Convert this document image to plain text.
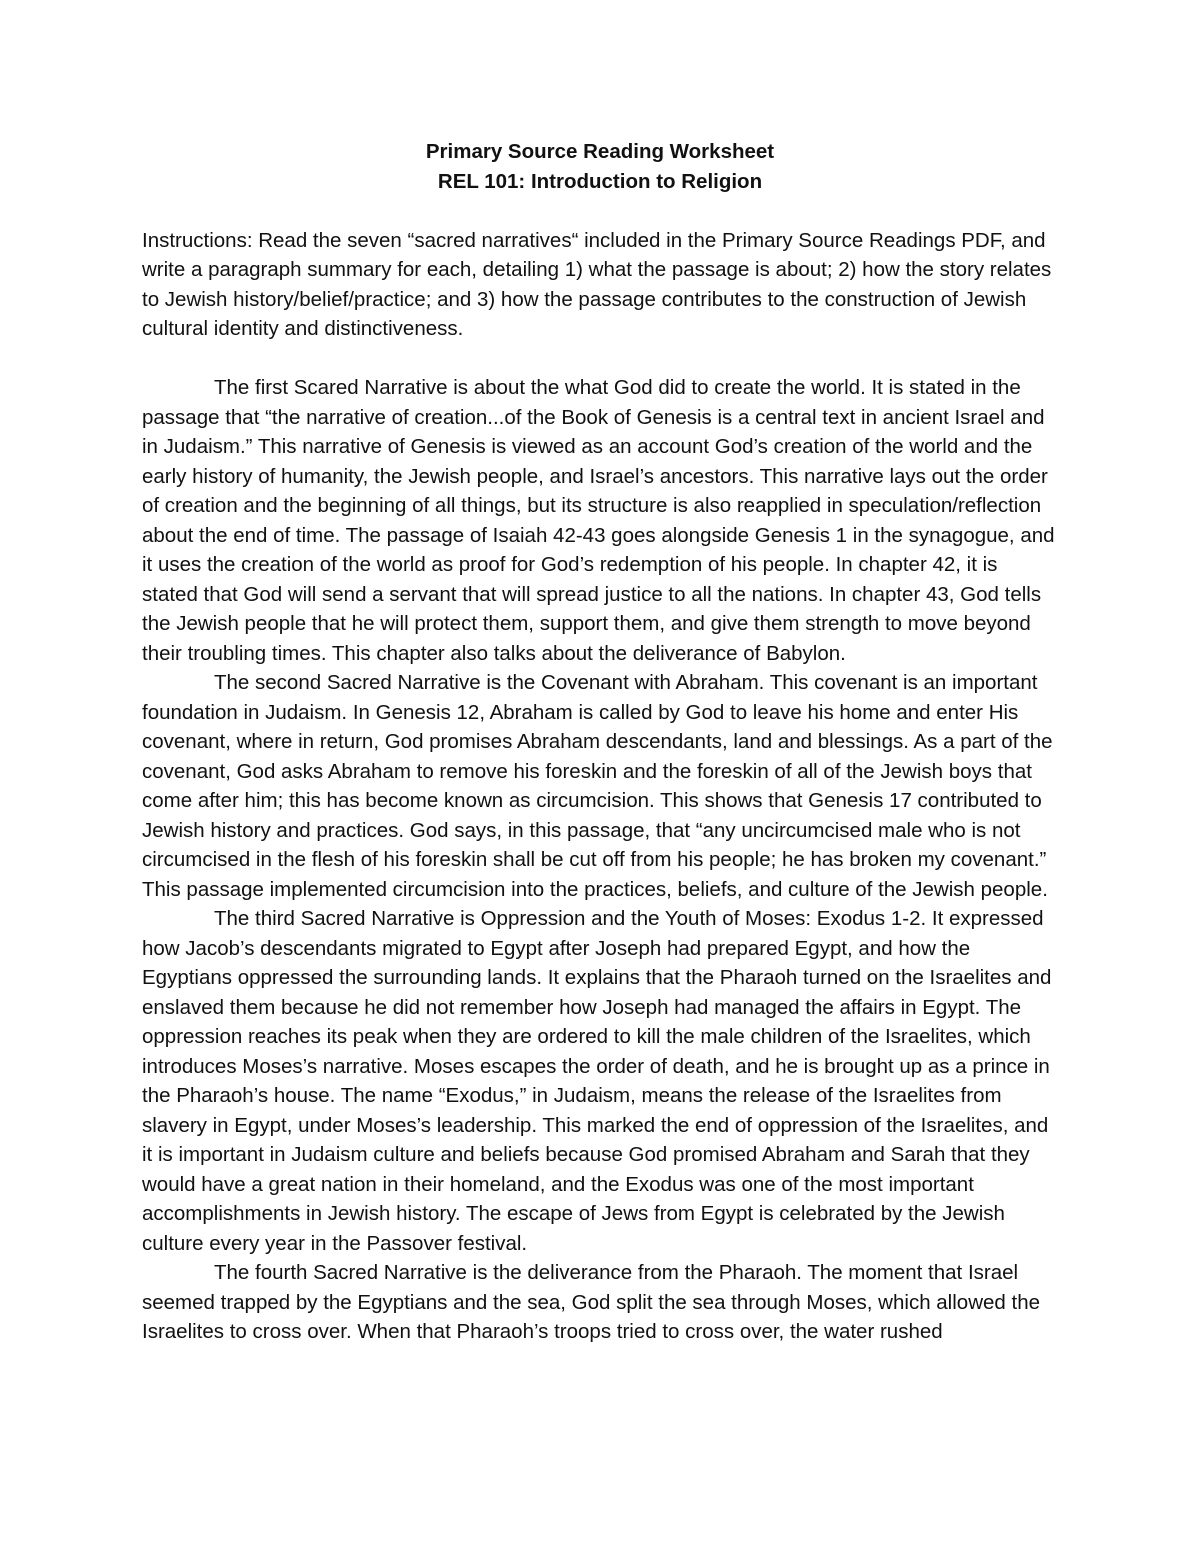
Primary Source Reading Worksheet

REL 101: Introduction to Religion

Instructions: Read the seven “sacred narratives“ included in the Primary Source Readings PDF, and write a paragraph summary for each, detailing 1) what the passage is about; 2) how the story relates to Jewish history/belief/practice; and 3) how the passage contributes to the construction of Jewish cultural identity and distinctiveness.

The first Scared Narrative is about the what God did to create the world. It is stated in the passage that “the narrative of creation...of the Book of Genesis is a central text in ancient Israel and in Judaism.” This narrative of Genesis is viewed as an account God’s creation of the world and the early history of humanity, the Jewish people, and Israel’s ancestors. This narrative lays out the order of creation and the beginning of all things, but its structure is also reapplied in speculation/reflection about the end of time. The passage of Isaiah 42-43 goes alongside Genesis 1 in the synagogue, and it uses the creation of the world as proof for God’s redemption of his people. In chapter 42, it is stated that God will send a servant that will spread justice to all the nations. In chapter 43, God tells the Jewish people that he will protect them, support them, and give them strength to move beyond their troubling times. This chapter also talks about the deliverance of Babylon.

The second Sacred Narrative is the Covenant with Abraham. This covenant is an important foundation in Judaism. In Genesis 12, Abraham is called by God to leave his home and enter His covenant, where in return, God promises Abraham descendants, land and blessings. As a part of the covenant, God asks Abraham to remove his foreskin and the foreskin of all of the Jewish boys that come after him; this has become known as circumcision. This shows that Genesis 17 contributed to Jewish history and practices. God says, in this passage, that “any uncircumcised male who is not circumcised in the flesh of his foreskin shall be cut off from his people; he has broken my covenant.” This passage implemented circumcision into the practices, beliefs, and culture of the Jewish people.

The third Sacred Narrative is Oppression and the Youth of Moses: Exodus 1-2. It expressed how Jacob’s descendants migrated to Egypt after Joseph had prepared Egypt, and how the Egyptians oppressed the surrounding lands. It explains that the Pharaoh turned on the Israelites and enslaved them because he did not remember how Joseph had managed the affairs in Egypt. The oppression reaches its peak when they are ordered to kill the male children of the Israelites, which introduces Moses’s narrative. Moses escapes the order of death, and he is brought up as a prince in the Pharaoh’s house. The name “Exodus,” in Judaism, means the release of the Israelites from slavery in Egypt, under Moses’s leadership. This marked the end of oppression of the Israelites, and it is important in Judaism culture and beliefs because God promised Abraham and Sarah that they would have a great nation in their homeland, and the Exodus was one of the most important accomplishments in Jewish history. The escape of Jews from Egypt is celebrated by the Jewish culture every year in the Passover festival.

The fourth Sacred Narrative is the deliverance from the Pharaoh. The moment that Israel seemed trapped by the Egyptians and the sea, God split the sea through Moses, which allowed the Israelites to cross over. When that Pharaoh’s troops tried to cross over, the water rushed
